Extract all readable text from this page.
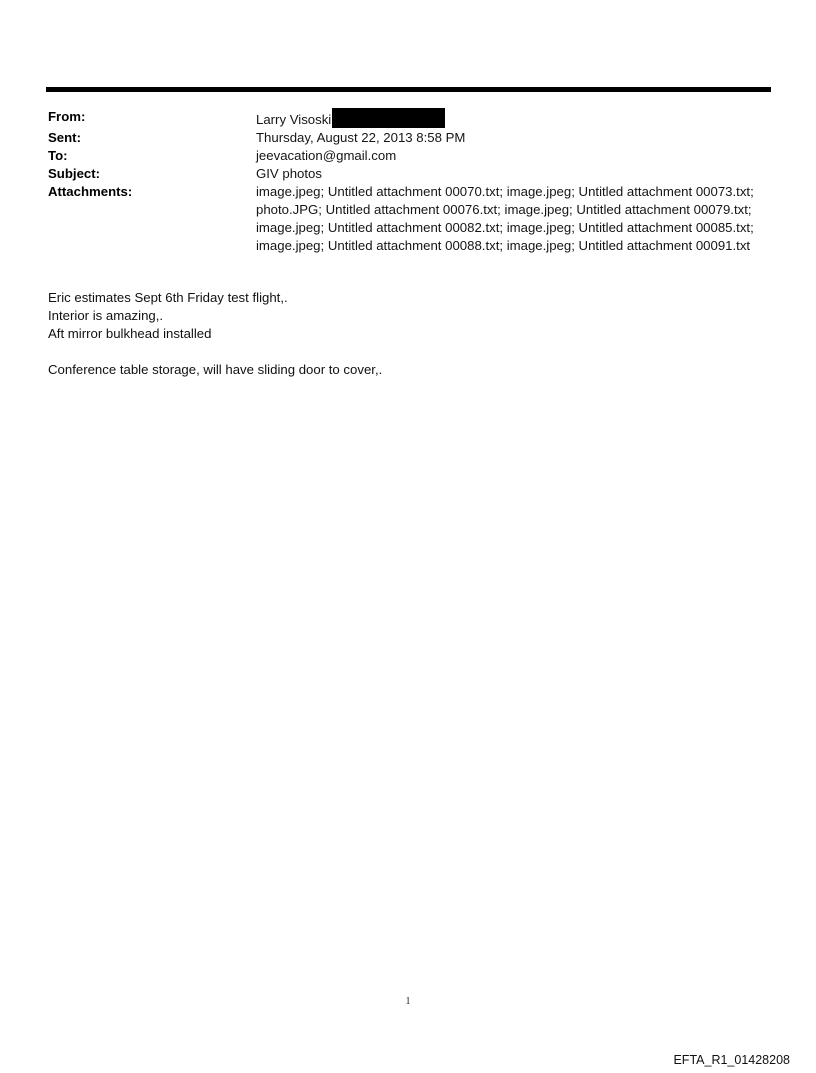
From:	Larry Visoski
Sent:	Thursday, August 22, 2013 8:58 PM
To:	jeevacation@gmail.com
Subject:	GIV photos
Attachments:	image.jpeg; Untitled attachment 00070.txt; image.jpeg; Untitled attachment 00073.txt;
photo.JPG; Untitled attachment 00076.txt; image.jpeg; Untitled attachment 00079.txt;
image.jpeg; Untitled attachment 00082.txt; image.jpeg; Untitled attachment 00085.txt;
image.jpeg; Untitled attachment 00088.txt; image.jpeg; Untitled attachment 00091.txt
Eric estimates Sept 6th Friday test flight,.
Interior is amazing,.
Aft mirror bulkhead installed
Conference table storage, will have sliding door to cover,.
1
EFTA_R1_01428208
